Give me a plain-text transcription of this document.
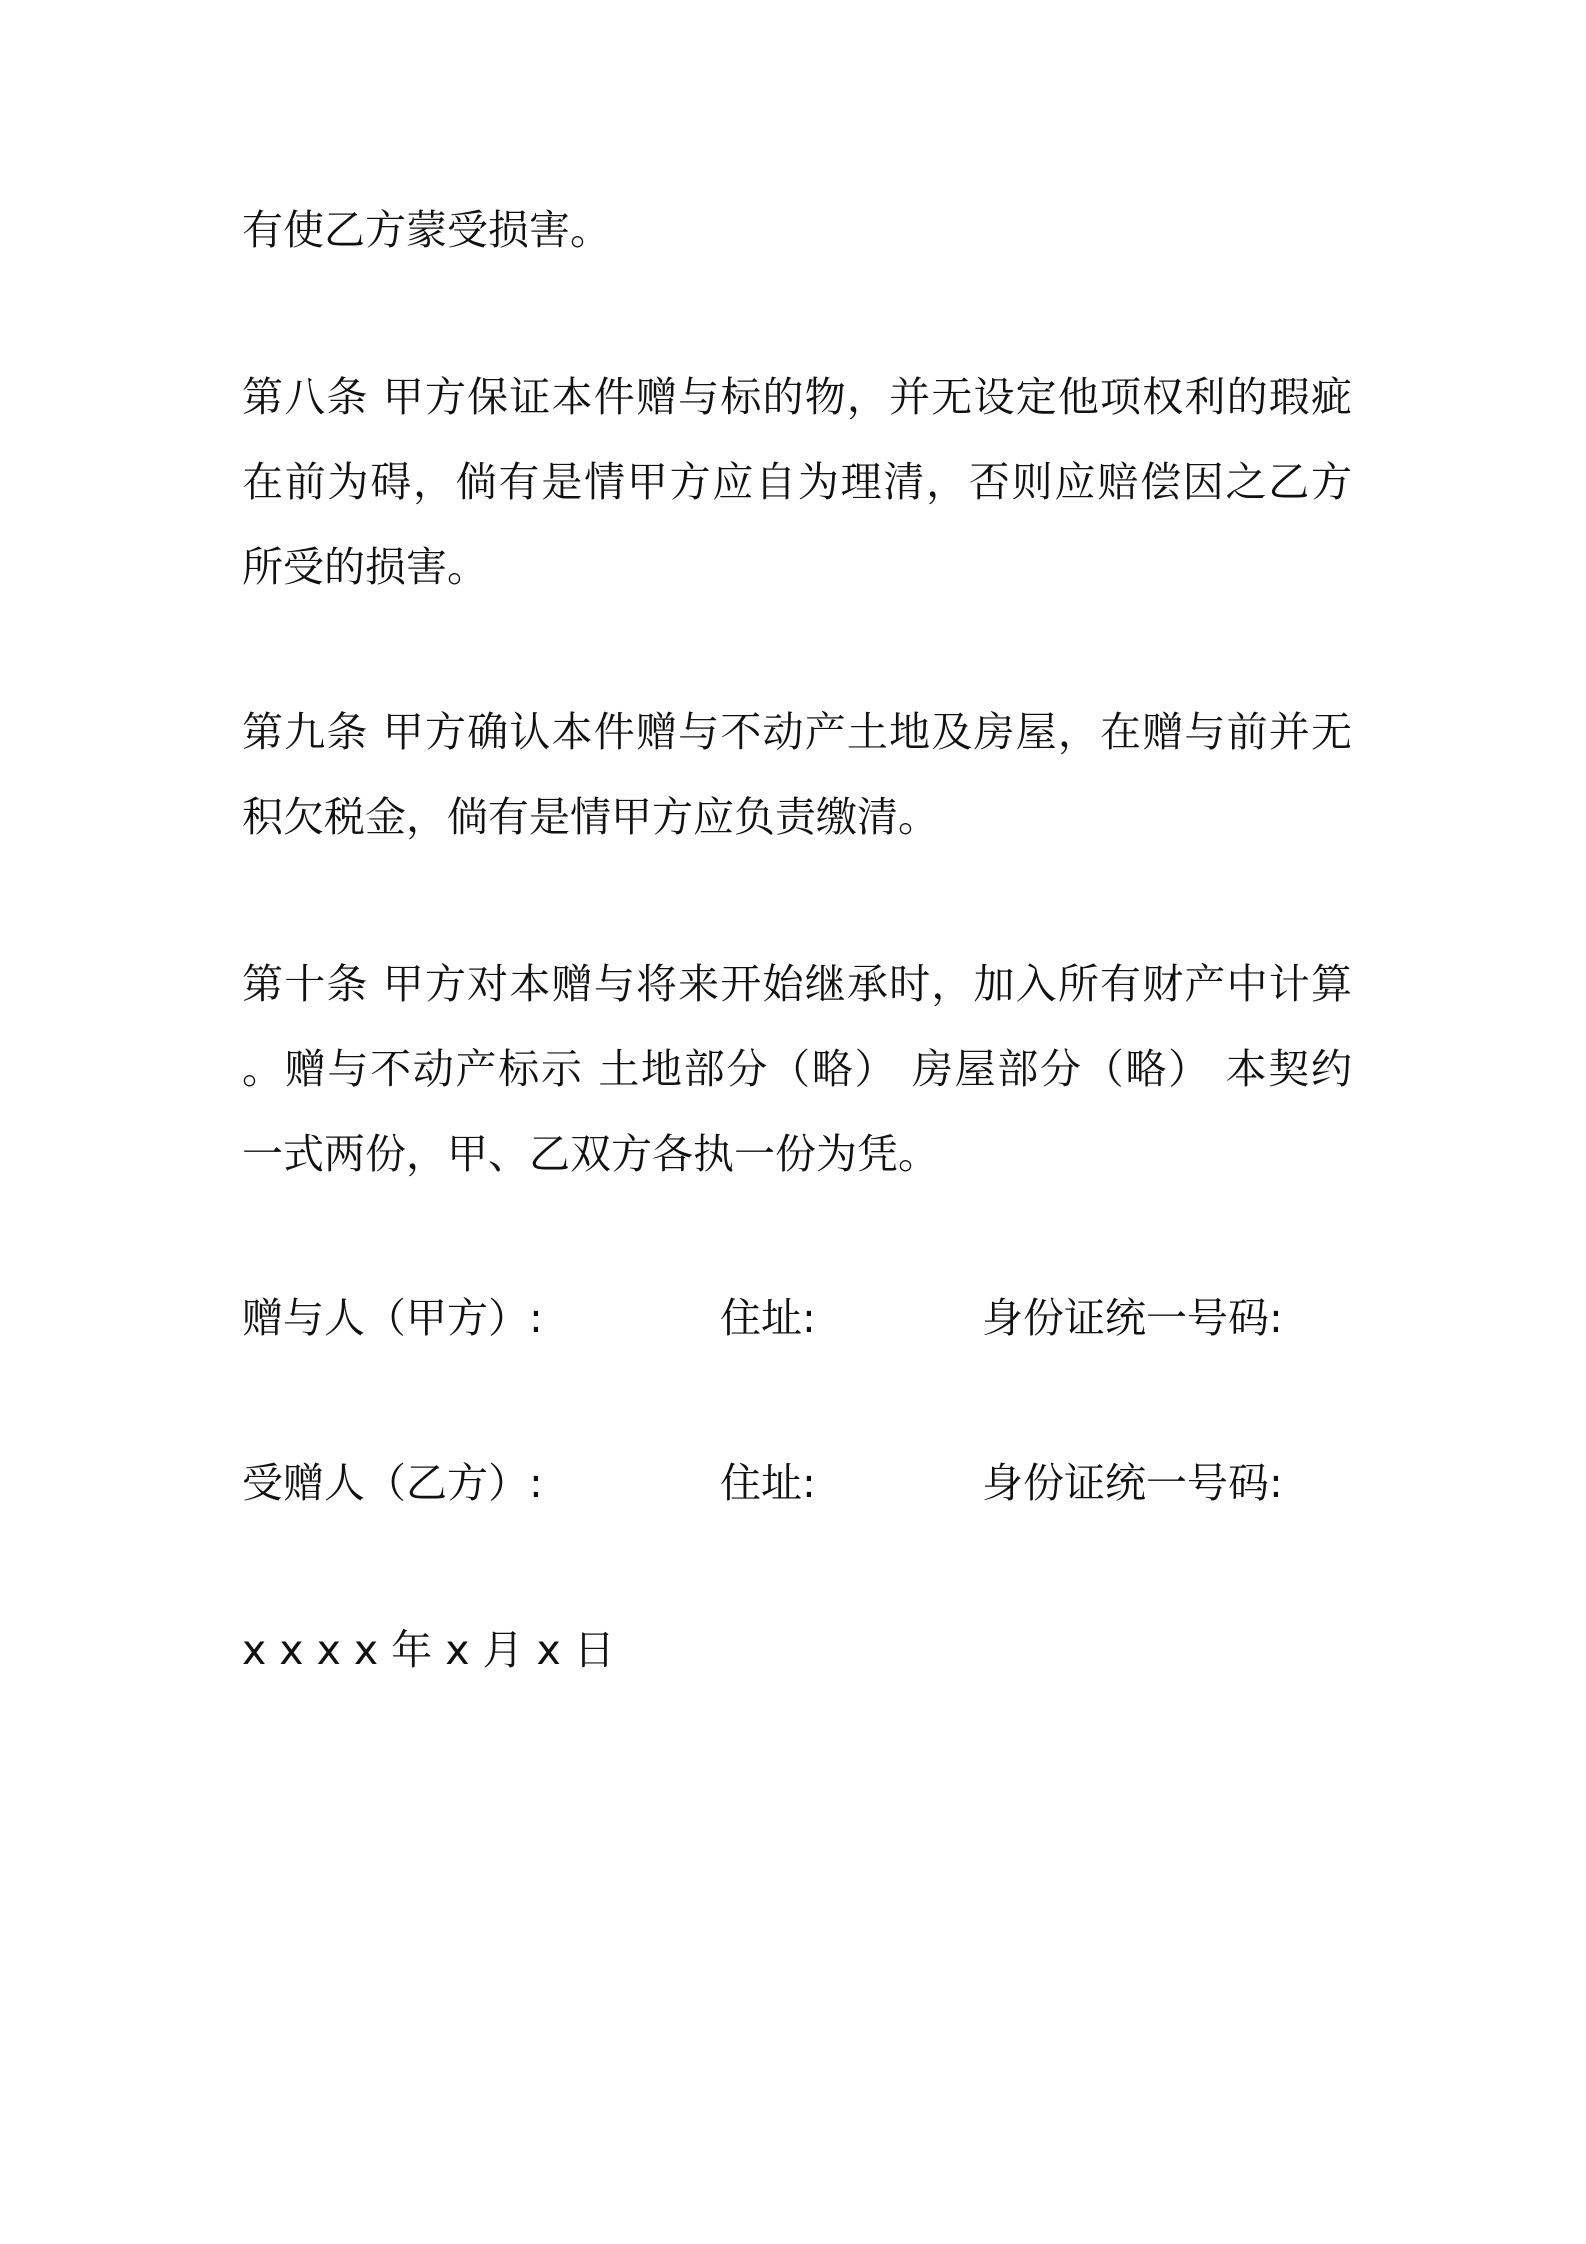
有使乙方蒙受损害。
第八条 甲方保证本件赠与标的物，并无设定他项权利的瑕疵
在前为碍，倘有是情甲方应自为理清，否则应赔偿因之乙方
所受的损害。
第九条 甲方确认本件赠与不动产土地及房屋，在赠与前并无
积欠税金，倘有是情甲方应负责缴清。
第十条 甲方对本赠与将来开始继承时，加入所有财产中计算
。赠与不动产标示 土地部分（略） 房屋部分（略） 本契约
一式两份，甲、乙双方各执一份为凭。
赠与人（甲方）:	住址:	身份证统一号码:
受赠人（乙方）:	住址:	身份证统一号码:
x x x x 年 x 月 x 日
